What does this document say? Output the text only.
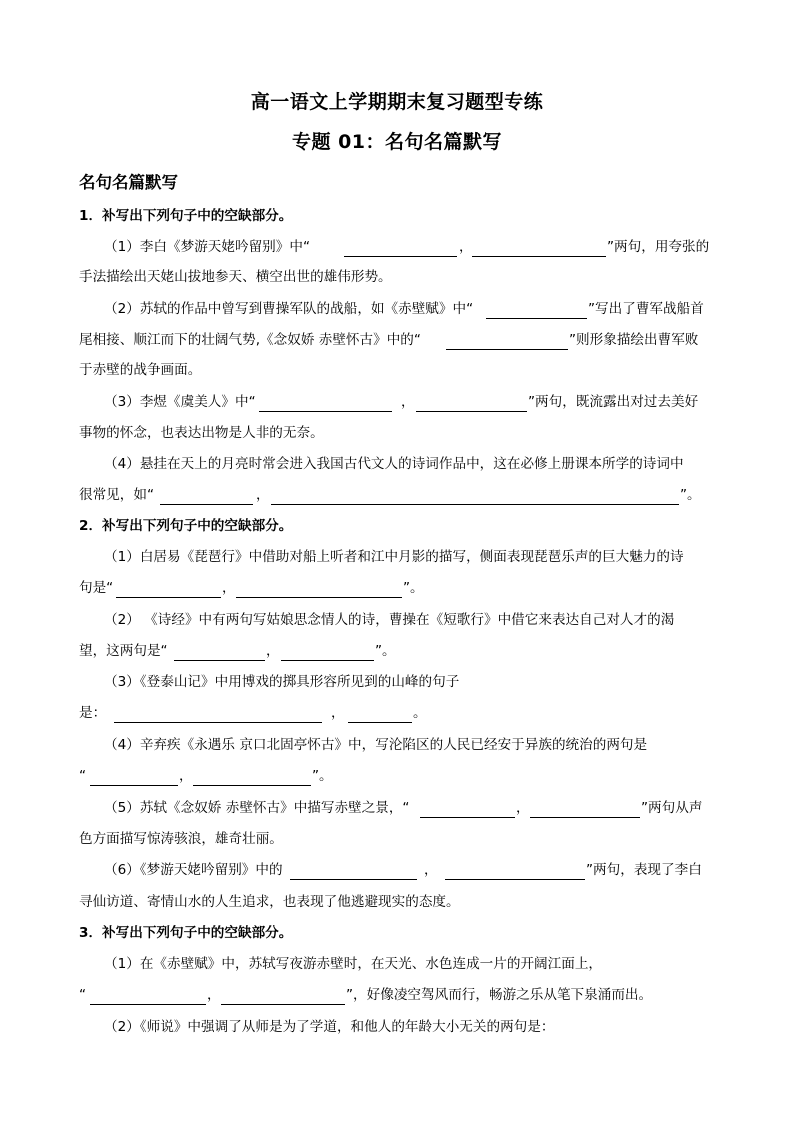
高一语文上学期期末复习题型专练
专题 01：名句名篇默写
名句名篇默写
1．补写出下列句子中的空缺部分。
（1）李白《梦游天姥吟留别》中“	，	”两句，用夸张的
手法描绘出天姥山拔地参天、横空出世的雄伟形势。
（2）苏轼的作品中曾写到曹操军队的战船，如《赤壁赋》中“	”写出了曹军战船首
尾相接、顺江而下的壮阔气势,《念奴娇 赤壁怀古》中的“	”则形象描绘出曹军败
于赤壁的战争画面。
（3）李煜《虞美人》中“	，	”两句，既流露出对过去美好
事物的怀念，也表达出物是人非的无奈。
（4）悬挂在天上的月亮时常会进入我国古代文人的诗词作品中，这在必修上册课本所学的诗词中
很常见，如“	，	”。
2．补写出下列句子中的空缺部分。
（1）白居易《琵琶行》中借助对船上听者和江中月影的描写，侧面表现琵琶乐声的巨大魅力的诗
句是“	，	”。
（2） 《诗经》中有两句写姑娘思念情人的诗，曹操在《短歌行》中借它来表达自己对人才的渴
望，这两句是“	，	”。
（3）《登泰山记》中用博戏的掷具形容所见到的山峰的句子
是：	，	。
（4）辛弃疾《永遇乐 京口北固亭怀古》中，写沦陷区的人民已经安于异族的统治的两句是
“	，	”。
（5）苏轼《念奴娇 赤壁怀古》中描写赤壁之景，“	，	”两句从声
色方面描写惊涛骇浪，雄奇壮丽。
（6）《梦游天姥吟留别》中的	，	”两句，表现了李白
寻仙访道、寄情山水的人生追求，也表现了他逃避现实的态度。
3．补写出下列句子中的空缺部分。
（1）在《赤壁赋》中，苏轼写夜游赤壁时，在天光、水色连成一片的开阔江面上，
“	，	”，好像凌空驾风而行，畅游之乐从笔下泉涌而出。
（2）《师说》中强调了从师是为了学道，和他人的年龄大小无关的两句是：
